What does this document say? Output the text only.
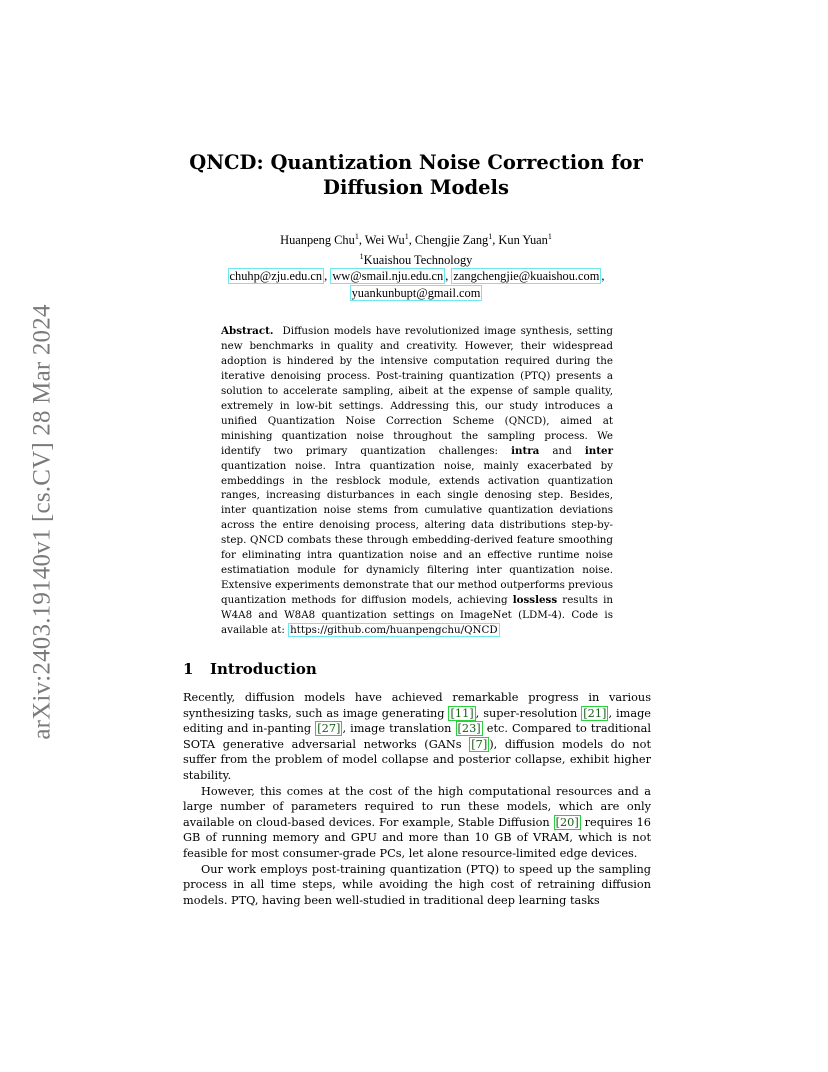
arXiv:2403.19140v1 [cs.CV] 28 Mar 2024
QNCD: Quantization Noise Correction for
Diffusion Models
Huanpeng Chu$^1$, Wei Wu$^1$, Chengjie Zang$^1$, Kun Yuan$^1$
$^1$Kuaishou Technology
chuhp@zju.edu.cn , ww@smail.nju.edu.cn , zangchengjie@kuaishou.com ,
yuankunbupt@gmail.com

Abstract. Diffusion models have revolutionized image synthesis, setting new benchmarks in quality and creativity. However, their widespread adoption is hindered by the intensive computation required during the iterative denoising process. Post-training quantization (PTQ) presents a solution to accelerate sampling, aibeit at the expense of sample quality, extremely in low-bit settings. Addressing this, our study introduces a unified Quantization Noise Correction Scheme (QNCD), aimed at minishing quantization noise throughout the sampling process. We identify two primary quantization challenges: intra and inter quantization noise. Intra quantization noise, mainly exacerbated by embeddings in the resblock module, extends activation quantization ranges, increasing disturbances in each single denosing step. Besides, inter quantization noise stems from cumulative quantization deviations across the entire denoising process, altering data distributions step-by-step. QNCD combats these through embedding-derived feature smoothing for eliminating intra quantization noise and an effective runtime noise estimatiation module for dynamicly filtering inter quantization noise. Extensive experiments demonstrate that our method outperforms previous quantization methods for diffusion models, achieving lossless results in W4A8 and W8A8 quantization settings on ImageNet (LDM-4). Code is available at: https://github.com/huanpengchu/QNCD

1 Introduction

Recently, diffusion models have achieved remarkable progress in various synthesizing tasks, such as image generating [11] , super-resolution [21] , image editing and in-panting [27] , image translation [23] etc. Compared to traditional SOTA generative adversarial networks (GANs [7] ), diffusion models do not suffer from the problem of model collapse and posterior collapse, exhibit higher stability.

However, this comes at the cost of the high computational resources and a large number of parameters required to run these models, which are only available on cloud-based devices. For example, Stable Diffusion [20] requires 16 GB of running memory and GPU and more than 10 GB of VRAM, which is not feasible for most consumer-grade PCs, let alone resource-limited edge devices.

Our work employs post-training quantization (PTQ) to speed up the sampling process in all time steps, while avoiding the high cost of retraining diffusion models. PTQ, having been well-studied in traditional deep learning tasks
